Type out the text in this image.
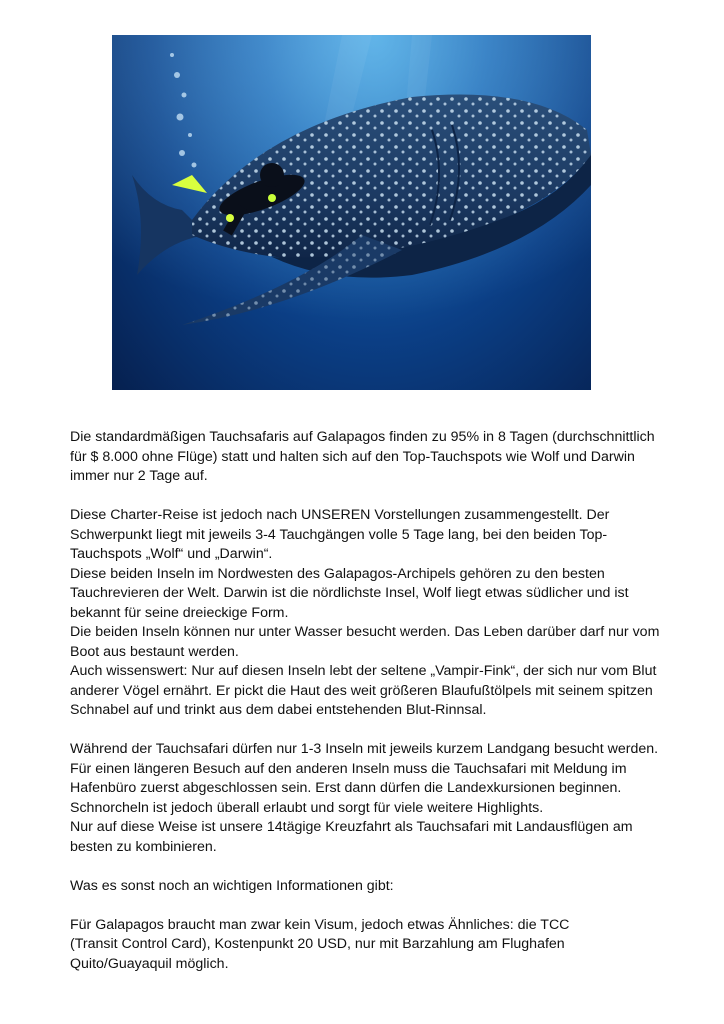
Die standardmäßigen Tauchsafaris auf Galapagos finden zu 95% in 8 Tagen (durchschnittlich

für $ 8.000 ohne Flüge) statt und halten sich auf den Top-Tauchspots wie Wolf und Darwin

immer nur 2 Tage auf.

Diese Charter-Reise ist jedoch nach UNSEREN Vorstellungen zusammengestellt. Der

Schwerpunkt liegt mit jeweils 3-4 Tauchgängen volle 5 Tage lang, bei den beiden Top-

Tauchspots „Wolf“ und „Darwin“.

Diese beiden Inseln im Nordwesten des Galapagos-Archipels gehören zu den besten

Tauchrevieren der Welt. Darwin ist die nördlichste Insel, Wolf liegt etwas südlicher und ist

bekannt für seine dreieckige Form.

Die beiden Inseln können nur unter Wasser besucht werden. Das Leben darüber darf nur vom

Boot aus bestaunt werden.

Auch wissenswert: Nur auf diesen Inseln lebt der seltene „Vampir-Fink“, der sich nur vom Blut

anderer Vögel ernährt. Er pickt die Haut des weit größeren Blaufußtölpels mit seinem spitzen

Schnabel auf und trinkt aus dem dabei entstehenden Blut-Rinnsal.

Während der Tauchsafari dürfen nur 1-3 Inseln mit jeweils kurzem Landgang besucht werden.

Für einen längeren Besuch auf den anderen Inseln muss die Tauchsafari mit Meldung im

Hafenbüro zuerst abgeschlossen sein. Erst dann dürfen die Landexkursionen beginnen.

Schnorcheln ist jedoch überall erlaubt und sorgt für viele weitere Highlights.

Nur auf diese Weise ist unsere 14tägige Kreuzfahrt als Tauchsafari mit Landausflügen am

besten zu kombinieren.

Was es sonst noch an wichtigen Informationen gibt:

Für Galapagos braucht man zwar kein Visum, jedoch etwas Ähnliches: die TCC

(Transit Control Card), Kostenpunkt 20 USD, nur mit Barzahlung am Flughafen

Quito/Guayaquil möglich.
